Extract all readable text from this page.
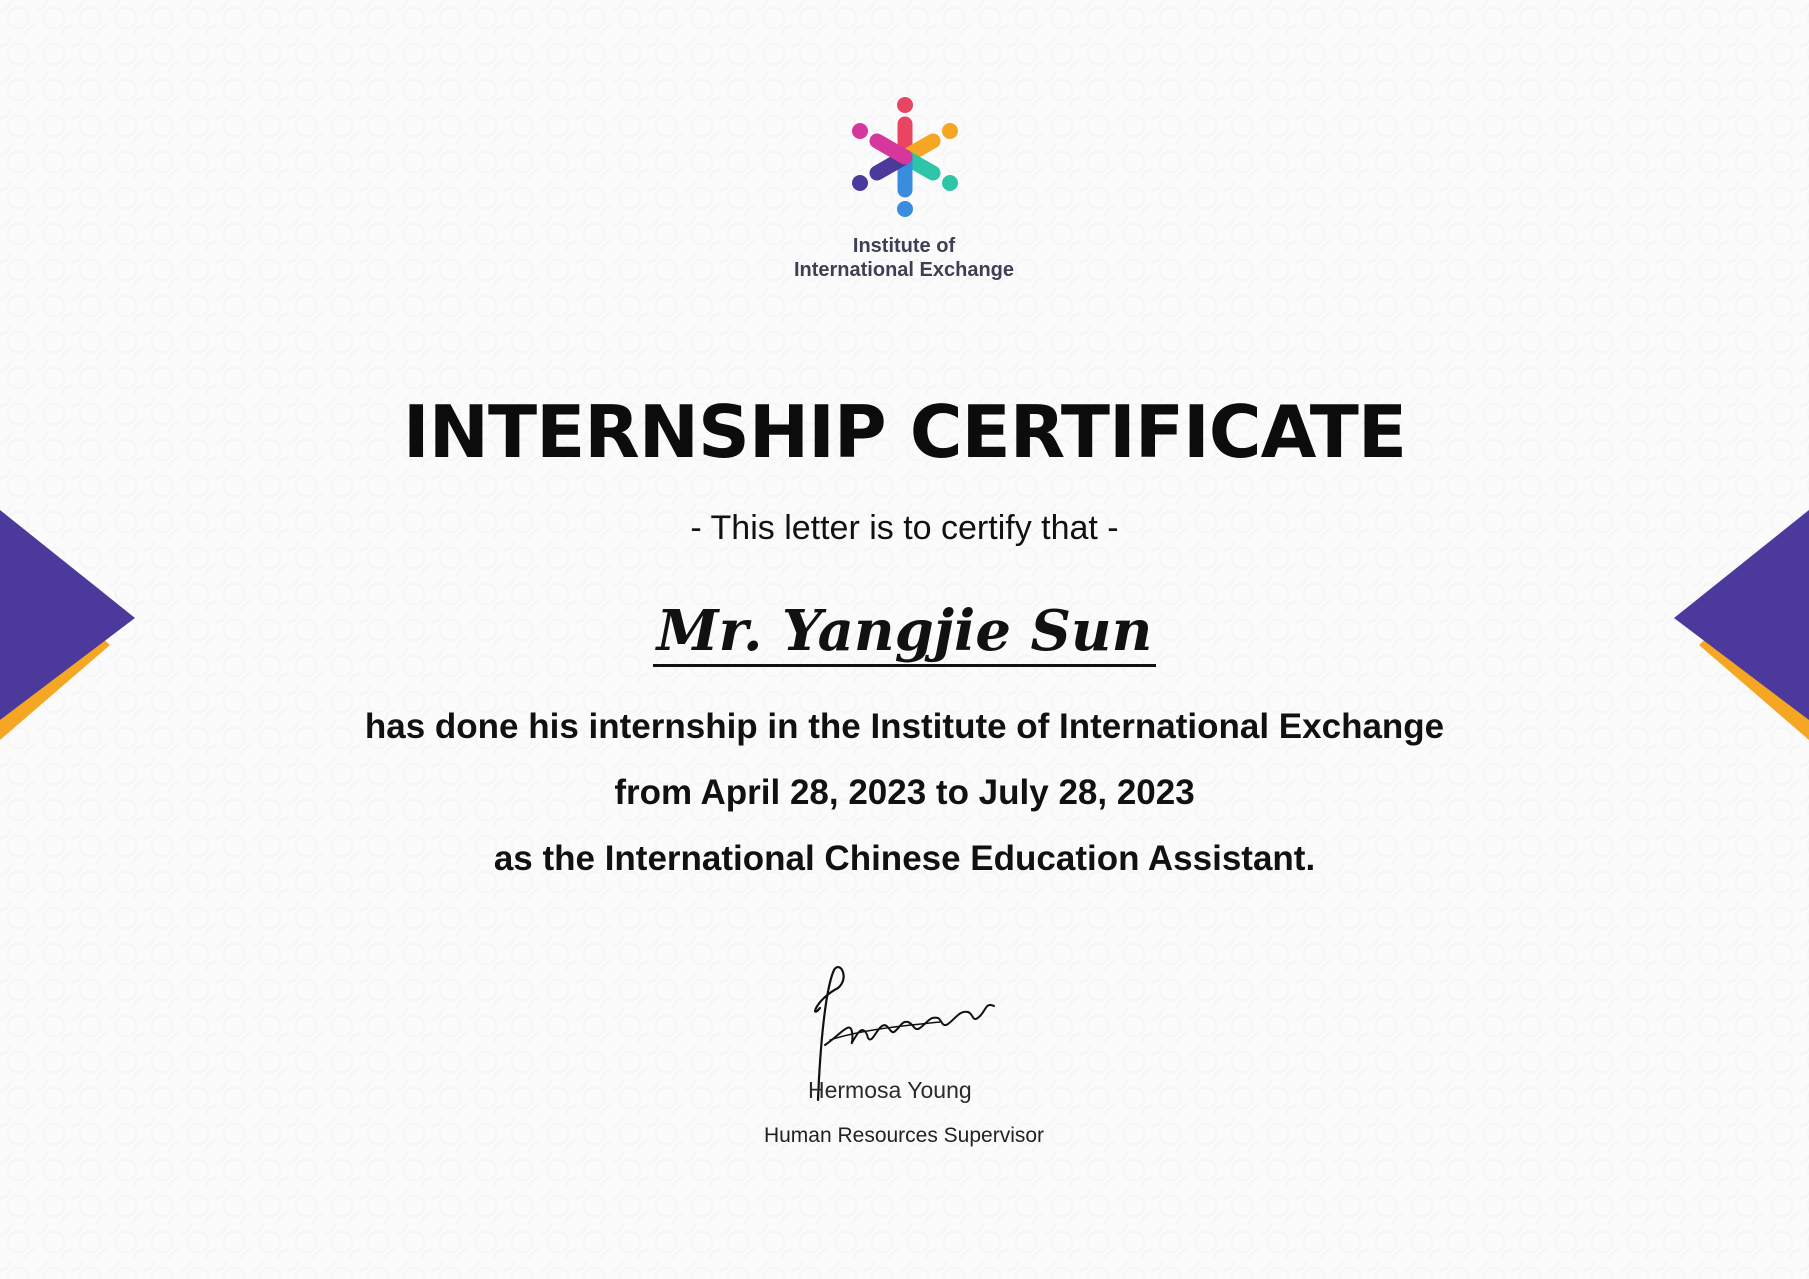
Institute of
International Exchange
INTERNSHIP CERTIFICATE
- This letter is to certify that -
Mr. Yangjie Sun
has done his internship in the Institute of International Exchange
from April 28, 2023 to July 28, 2023
as the International Chinese Education Assistant.
Hermosa Young
Human Resources Supervisor
